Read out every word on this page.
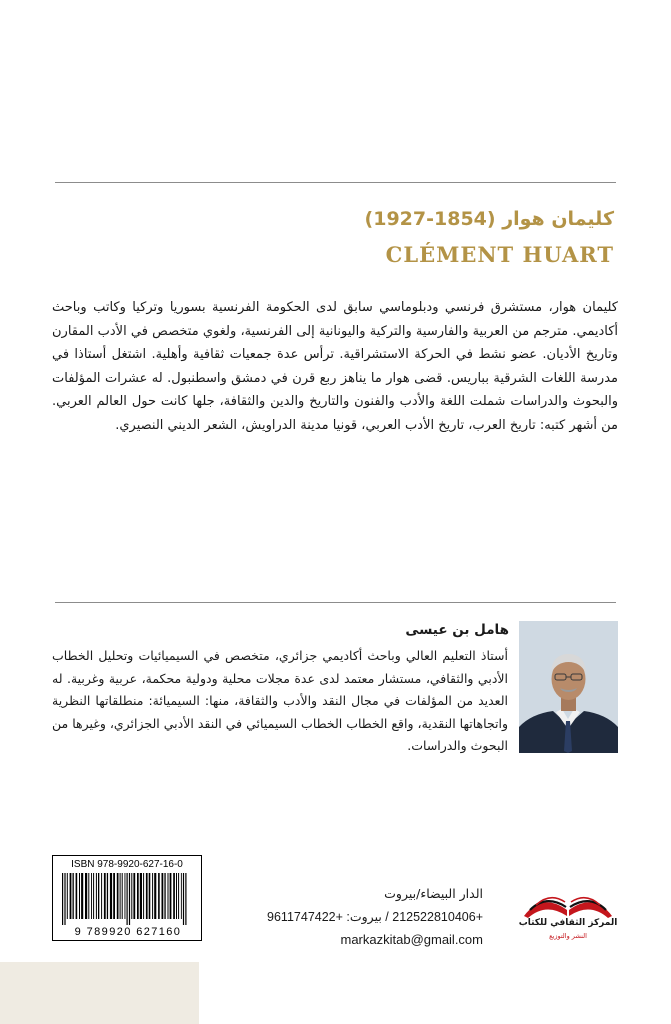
كليمان هوار (1854-1927)
CLÉMENT HUART

كليمان هوار، مستشرق فرنسي ودبلوماسي سابق لدى الحكومة الفرنسية بسوريا وتركيا وكاتب وباحث أكاديمي. مترجم من العربية والفارسية والتركية واليونانية إلى الفرنسية، ولغوي متخصص في الأدب المقارن وتاريخ الأديان. عضو نشط في الحركة الاستشراقية. ترأس عدة جمعيات ثقافية وأهلية. اشتغل أستاذا في مدرسة اللغات الشرقية بباريس. قضى هوار ما يناهز ربع قرن في دمشق واسطنبول. له عشرات المؤلفات والبحوث والدراسات شملت اللغة والأدب والفنون والتاريخ والدين والثقافة، جلها كانت حول العالم العربي. من أشهر كتبه: تاريخ العرب، تاريخ الأدب العربي، قونيا مدينة الدراويش، الشعر الديني النصيري.

هامل بن عيسى

أستاذ التعليم العالي وباحث أكاديمي جزائري، متخصص في السيميائيات وتحليل الخطاب الأدبي والثقافي، مستشار معتمد لدى عدة مجلات محلية ودولية محكمة، عربية وغربية. له العديد من المؤلفات في مجال النقد والأدب والثقافة، منها: السيميائة: منطلقاتها النظرية واتجاهاتها النقدية، واقع الخطاب الخطاب السيميائي في النقد الأدبي الجزائري، وغيرها من البحوث والدراسات.

ISBN 978-9920-627-16-0
9 789920 627160
الدار البيضاء/بيروت
+212522810406 / بيروت: +9611747422
markazkitab@gmail.com
المركز الثقافي للكتاب
النشر والتوزيع
